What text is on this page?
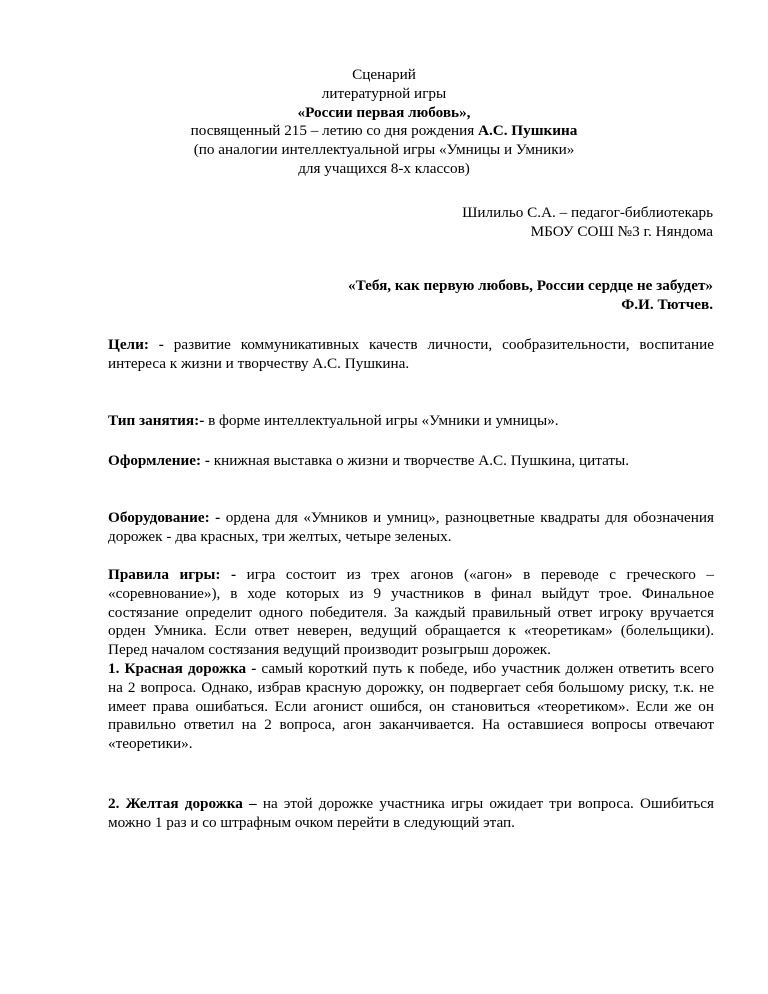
Сценарий

литературной игры

«России первая любовь»,

посвященный 215 – летию со дня рождения А.С. Пушкина

(по аналогии интеллектуальной игры «Умницы и Умники»

для учащихся 8-х классов)

Шилильо С.А. – педагог-библиотекарь

МБОУ СОШ №3 г. Няндома

«Тебя, как первую любовь, России сердце не забудет»

Ф.И. Тютчев.

Цели: - развитие коммуникативных качеств личности, сообразительности, воспитание интереса к жизни и творчеству А.С. Пушкина.

Тип занятия:- в форме интеллектуальной игры «Умники и умницы».

Оформление: - книжная выставка о жизни и творчестве А.С. Пушкина, цитаты.

Оборудование: - ордена для «Умников и умниц», разноцветные квадраты для обозначения дорожек - два красных, три желтых, четыре зеленых.

Правила игры: - игра состоит из трех агонов («агон» в переводе с греческого – «соревнование»), в ходе которых из 9 участников в финал выйдут трое. Финальное состязание определит одного победителя. За каждый правильный ответ игроку вручается орден Умника. Если ответ неверен, ведущий обращается к «теоретикам» (болельщики). Перед началом состязания ведущий производит розыгрыш дорожек.

1. Красная дорожка - самый короткий путь к победе, ибо участник должен ответить всего на 2 вопроса. Однако, избрав красную дорожку, он подвергает себя большому риску, т.к. не имеет права ошибаться. Если агонист ошибся, он становиться «теоретиком». Если же он правильно ответил на 2 вопроса, агон заканчивается. На оставшиеся вопросы отвечают «теоретики».

2. Желтая дорожка – на этой дорожке участника игры ожидает три вопроса. Ошибиться можно 1 раз и со штрафным очком перейти в следующий этап.
